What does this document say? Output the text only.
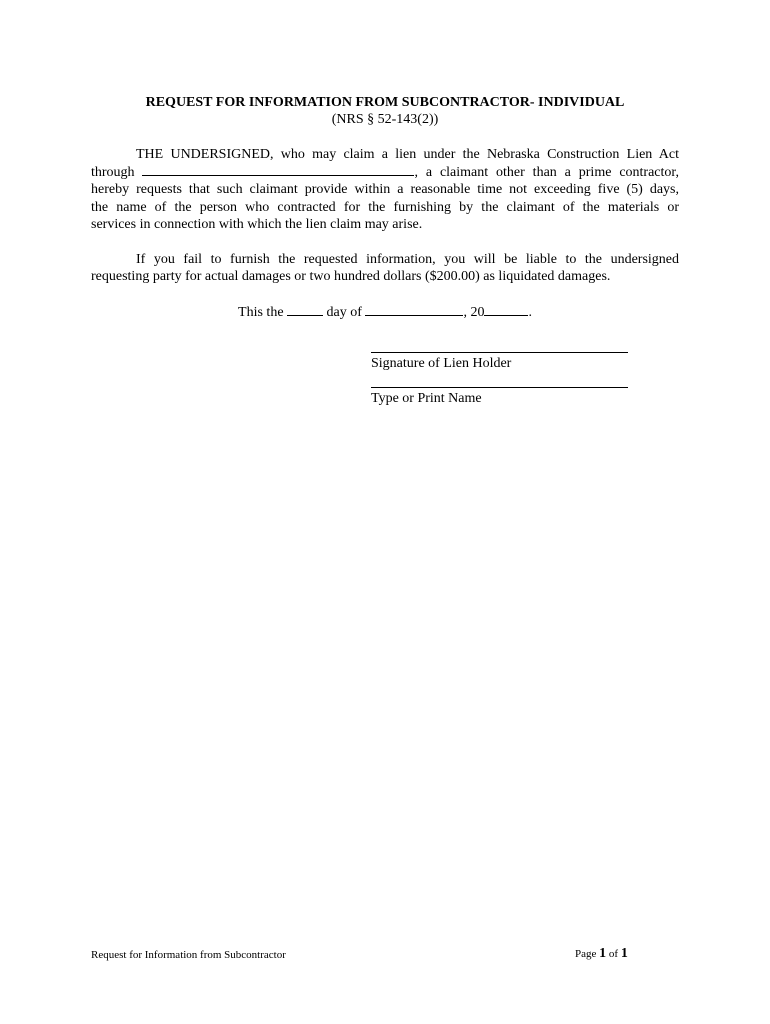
REQUEST FOR INFORMATION FROM SUBCONTRACTOR- INDIVIDUAL
(NRS § 52-143(2))
THE UNDERSIGNED, who may claim a lien under the Nebraska Construction Lien Act
through	, a claimant other than a prime contractor,
hereby requests that such claimant provide within a reasonable time not exceeding five (5) days,
the name of the person who contracted for the furnishing by the claimant of the materials or
services in connection with which the lien claim may arise.
If you fail to furnish the requested information, you will be liable to the undersigned
requesting party for actual damages or two hundred dollars ($200.00) as liquidated damages.
This the	day of	, 20	.
Signature of Lien Holder
Type or Print Name
Request for Information from Subcontractor	Page 1 of 1
